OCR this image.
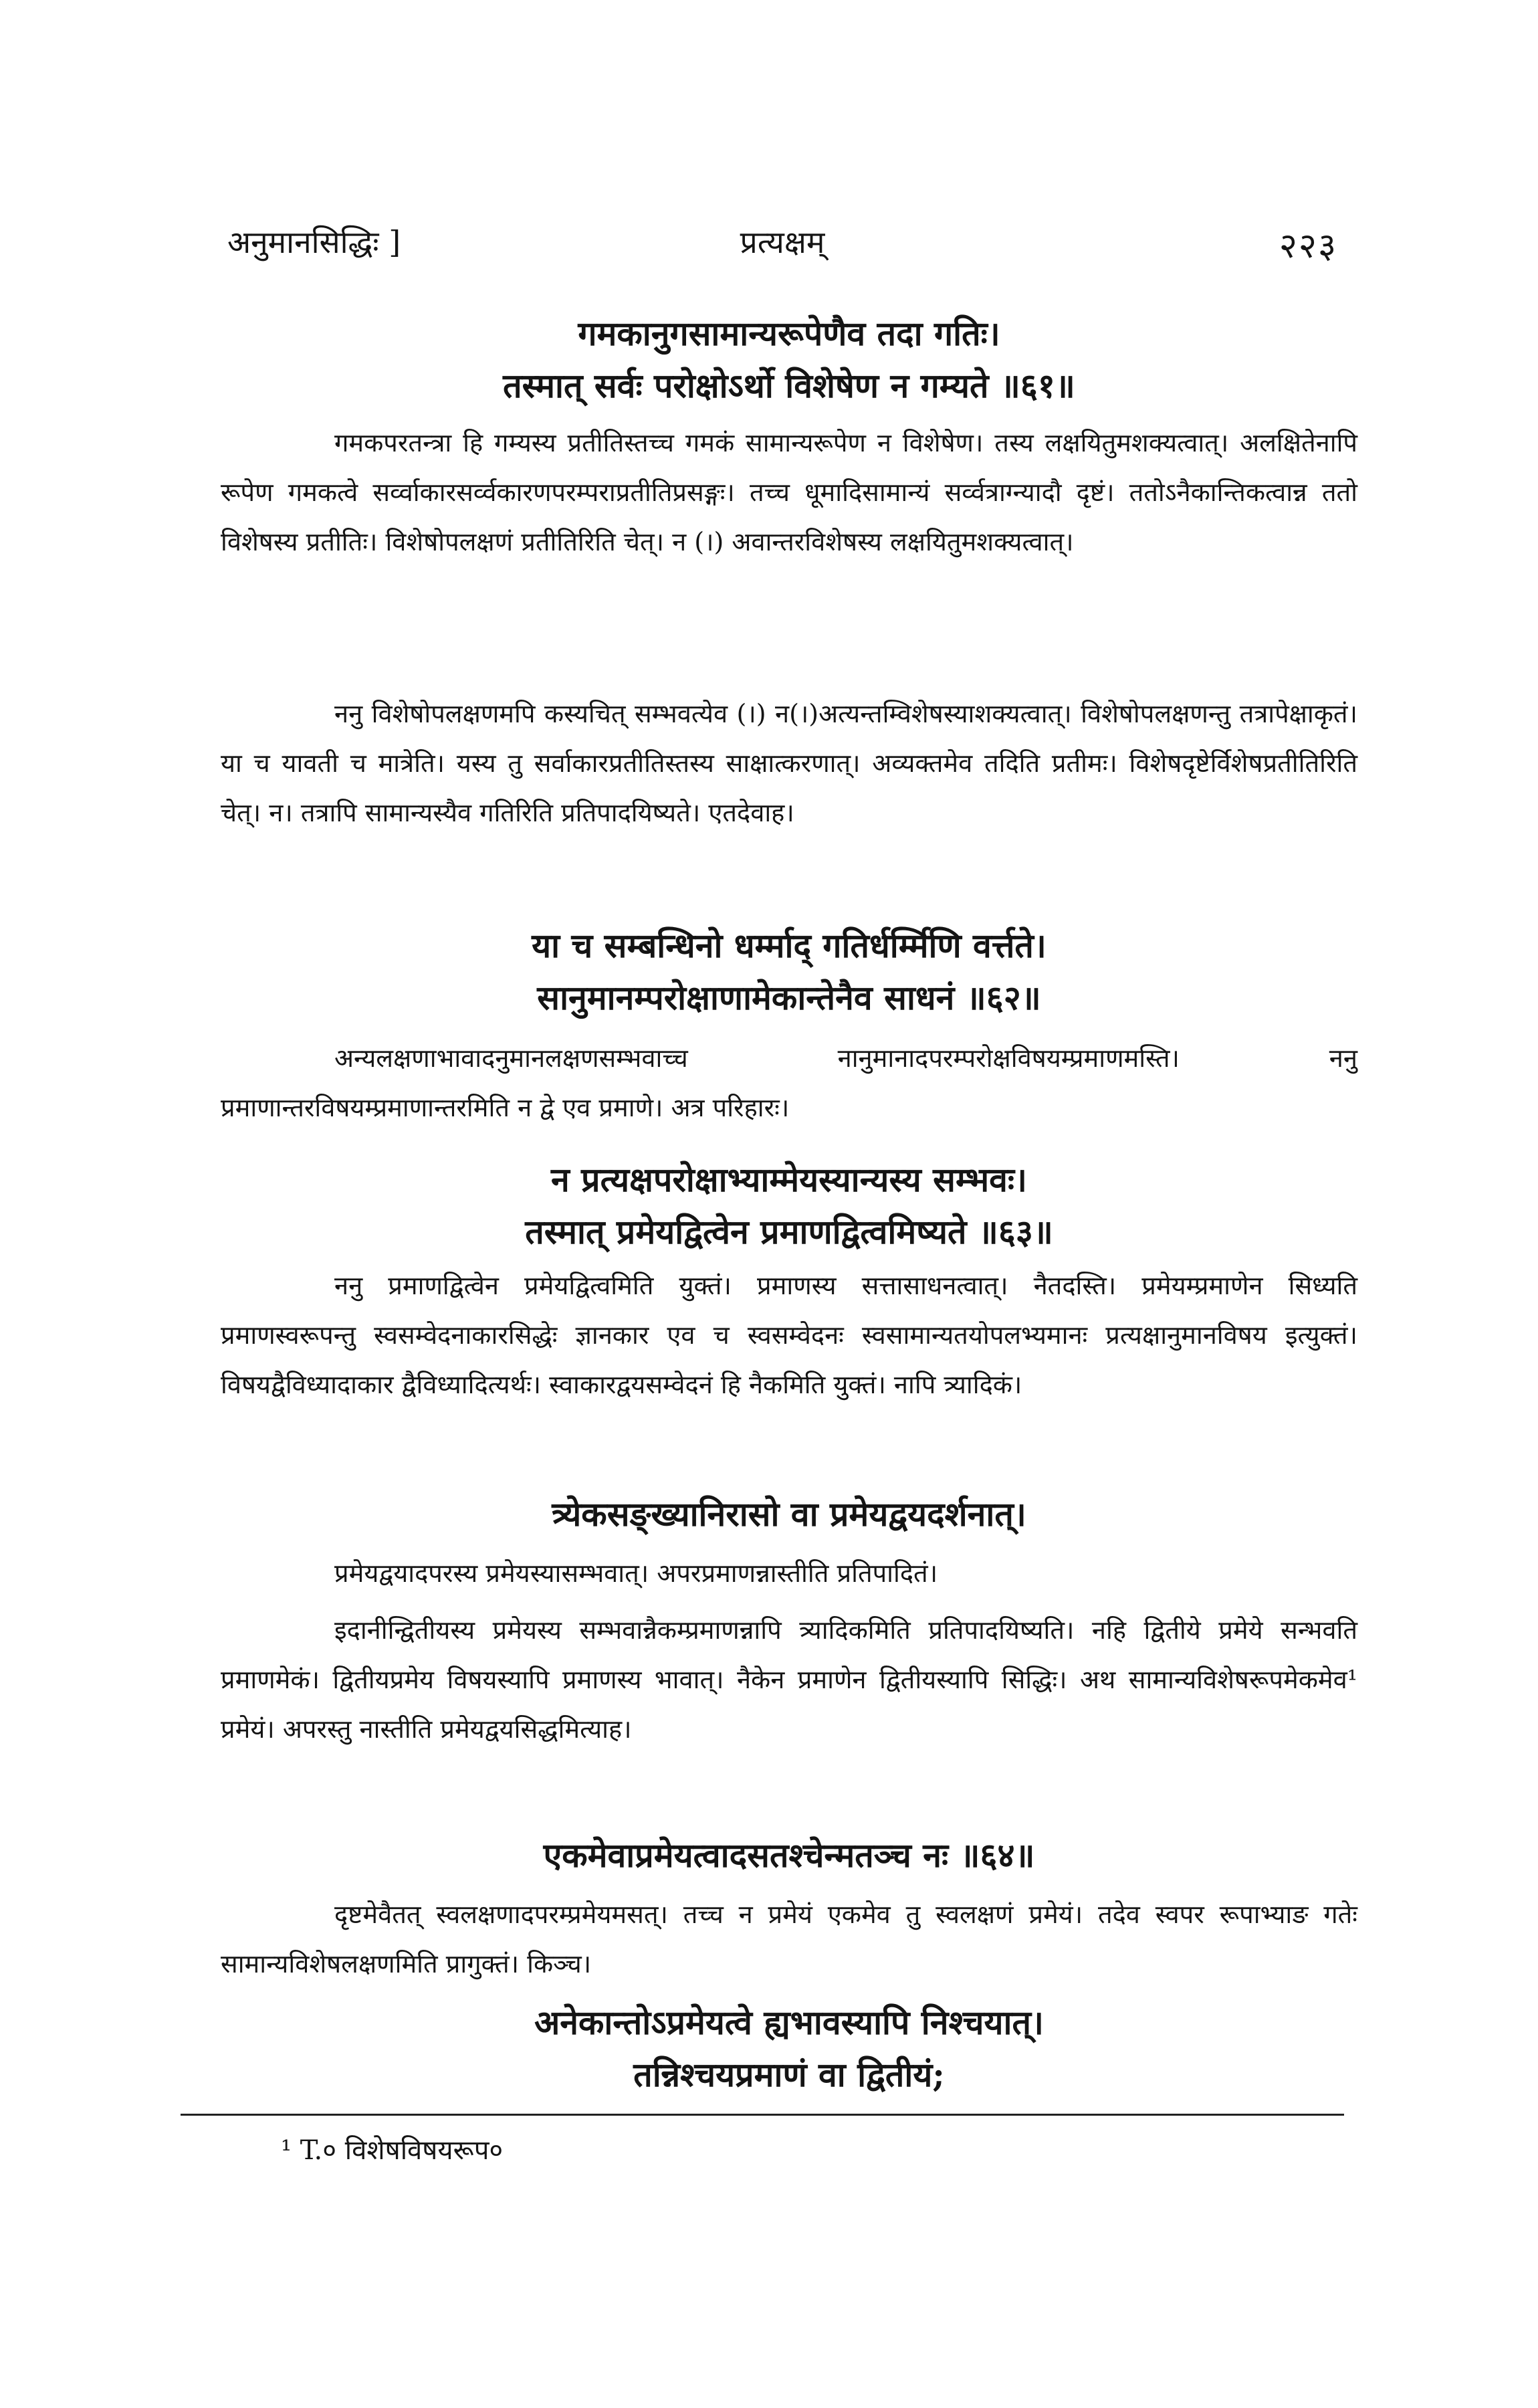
अनुमानसिद्धिः ]	प्रत्यक्षम्	२२३
गमकानुगसामान्यरूपेणैव तदा गतिः।
तस्मात् सर्वः परोक्षोऽर्थो विशेषेण न गम्यते ॥६१॥
गमकपरतन्त्रा हि गम्यस्य प्रतीतिस्तच्च गमकं सामान्यरूपेण न विशेषेण। तस्य लक्षयितुमशक्यत्वात्। अलक्षितेनापि रूपेण गमकत्वे सर्व्वाकारसर्व्वकारणपरम्पराप्रतीतिप्रसङ्गः। तच्च धूमादिसामान्यं सर्व्वत्राग्न्यादौ दृष्टं। ततोऽनैकान्तिकत्वान्न ततो विशेषस्य प्रतीतिः। विशेषोपलक्षणं प्रतीतिरिति चेत्। न (।) अवान्तरविशेषस्य लक्षयितुमशक्यत्वात्।
ननु विशेषोपलक्षणमपि कस्यचित् सम्भवत्येव (।) न(।)अत्यन्तम्विशेषस्याशक्यत्वात्। विशेषोपलक्षणन्तु तत्रापेक्षाकृतं। या च यावती च मात्रेति। यस्य तु सर्वाकारप्रतीतिस्तस्य साक्षात्करणात्। अव्यक्तमेव तदिति प्रतीमः। विशेषदृष्टेर्विशेषप्रतीतिरिति चेत्। न। तत्रापि सामान्यस्यैव गतिरिति प्रतिपादयिष्यते। एतदेवाह।
या च सम्बन्धिनो धर्म्माद् गतिर्धर्म्मिणि वर्त्तते।
सानुमानम्परोक्षाणामेकान्तेनैव साधनं ॥६२॥
अन्यलक्षणाभावादनुमानलक्षणसम्भवाच्च नानुमानादपरम्परोक्षविषयम्प्रमाणमस्ति। ननु प्रमाणान्तरविषयम्प्रमाणान्तरमिति न द्वे एव प्रमाणे। अत्र परिहारः।
न प्रत्यक्षपरोक्षाभ्याम्मेयस्यान्यस्य सम्भवः।
तस्मात् प्रमेयद्वित्वेन प्रमाणद्वित्वमिष्यते ॥६३॥
ननु प्रमाणद्वित्वेन प्रमेयद्वित्वमिति युक्तं। प्रमाणस्य सत्तासाधनत्वात्। नैतदस्ति। प्रमेयम्प्रमाणेन सिध्यति प्रमाणस्वरूपन्तु स्वसम्वेदनाकारसिद्धेः ज्ञानकार एव च स्वसम्वेदनः स्वसामान्यतयोपलभ्यमानः प्रत्यक्षानुमानविषय इत्युक्तं। विषयद्वैविध्यादाकार द्वैविध्यादित्यर्थः। स्वाकारद्वयसम्वेदनं हि नैकमिति युक्तं। नापि त्र्यादिकं।
त्र्येकसङ्ख्यानिरासो वा प्रमेयद्वयदर्शनात्।
प्रमेयद्वयादपरस्य प्रमेयस्यासम्भवात्। अपरप्रमाणन्नास्तीति प्रतिपादितं।
इदानीन्द्वितीयस्य प्रमेयस्य सम्भवान्नैकम्प्रमाणन्नापि त्र्यादिकमिति प्रतिपादयिष्यति। नहि द्वितीये प्रमेये सन्भवति प्रमाणमेकं। द्वितीयप्रमेय विषयस्यापि प्रमाणस्य भावात्। नैकेन प्रमाणेन द्वितीयस्यापि सिद्धिः। अथ सामान्यविशेषरूपमेकमेव¹ प्रमेयं। अपरस्तु नास्तीति प्रमेयद्वयसिद्धमित्याह।
एकमेवाप्रमेयत्वादसतश्चेन्मतञ्च नः ॥६४॥
दृष्टमेवैतत् स्वलक्षणादपरम्प्रमेयमसत्। तच्च न प्रमेयं एकमेव तु स्वलक्षणं प्रमेयं। तदेव स्वपर रूपाभ्याङ गतेः सामान्यविशेषलक्षणमिति प्रागुक्तं। किञ्च।
अनेकान्तोऽप्रमेयत्वे ह्यभावस्यापि निश्चयात्।
तन्निश्चयप्रमाणं वा द्वितीयं;
¹ T.० विशेषविषयरूप०
